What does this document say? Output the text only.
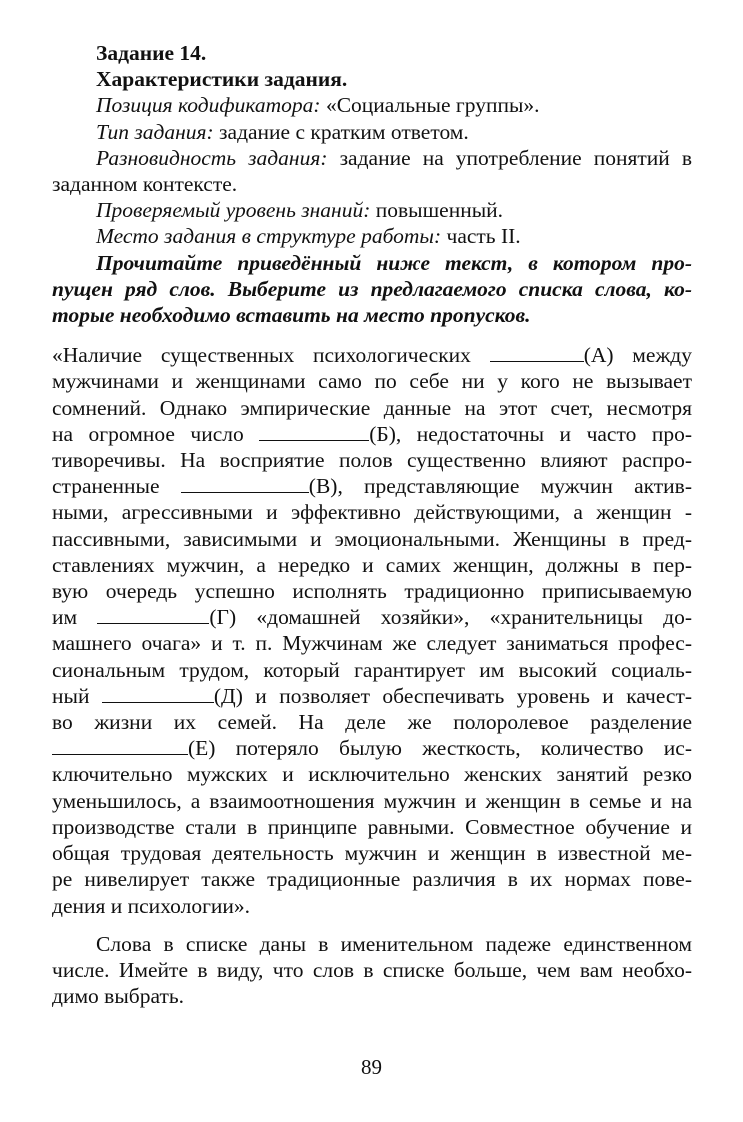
Задание 14.
Характеристики задания.
Позиция кодификатора: «Социальные группы».
Тип задания: задание с кратким ответом.
Разновидность задания: задание на употребление понятий в
заданном контексте.
Проверяемый уровень знаний: повышенный.
Место задания в структуре работы: часть II.
Прочитайте приведённый ниже текст, в котором про-
пущен ряд слов. Выберите из предлагаемого списка слова, ко-
торые необходимо вставить на место пропусков.
«Наличие существенных психологических	(А) между
мужчинами и женщинами само по себе ни у кого не вызывает
сомнений. Однако эмпирические данные на этот счет, несмотря
на огромное число	(Б), недостаточны и часто про-
тиворечивы. На восприятие полов существенно влияют распро-
страненные	(В), представляющие мужчин актив-
ными, агрессивными и эффективно действующими, а женщин -
пассивными, зависимыми и эмоциональными. Женщины в пред-
ставлениях мужчин, а нередко и самих женщин, должны в пер-
вую очередь успешно исполнять традиционно приписываемую
им	(Г) «домашней хозяйки», «хранительницы до-
машнего очага» и т. п. Мужчинам же следует заниматься профес-
сиональным трудом, который гарантирует им высокий социаль-
ный	(Д) и позволяет обеспечивать уровень и качест-
во жизни их семей. На деле же полоролевое разделение
(Е) потеряло былую жесткость, количество ис-
ключительно мужских и исключительно женских занятий резко
уменьшилось, а взаимоотношения мужчин и женщин в семье и на
производстве стали в принципе равными. Совместное обучение и
общая трудовая деятельность мужчин и женщин в известной ме-
ре нивелирует также традиционные различия в их нормах пове-
дения и психологии».
Слова в списке даны в именительном падеже единственном
числе. Имейте в виду, что слов в списке больше, чем вам необхо-
димо выбрать.
89
